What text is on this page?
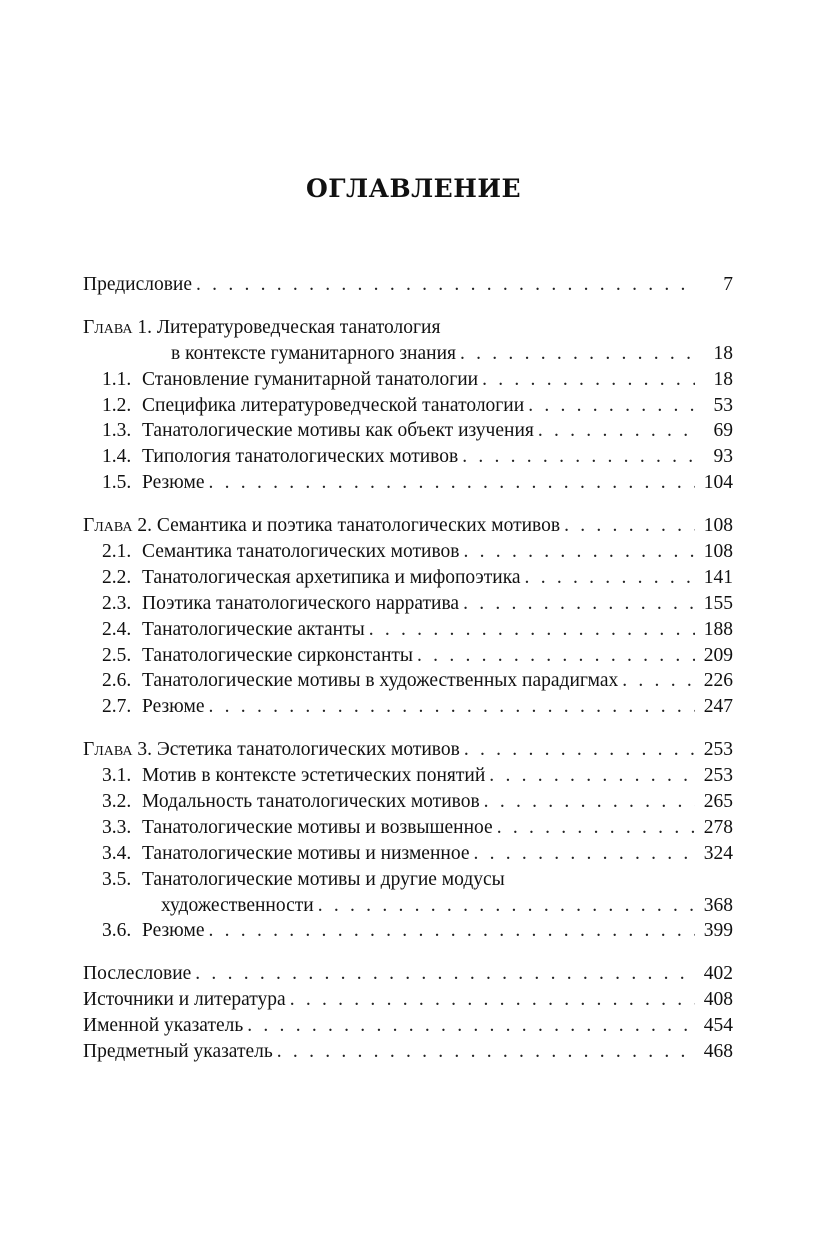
ОГЛАВЛЕНИЕ
Предисловие . . .	7
Глава 1. Литературоведческая танатология
в контексте гуманитарного знания . . .	18
1.1. Становление гуманитарной танатологии . . .	18
1.2. Специфика литературоведческой танатологии . . .	53
1.3. Танатологические мотивы как объект изучения . . .	69
1.4. Типология танатологических мотивов . . .	93
1.5. Резюме . . .	104
Глава 2. Семантика и поэтика танатологических мотивов . . .	108
2.1. Семантика танатологических мотивов . . .	108
2.2. Танатологическая архетипика и мифопоэтика . . .	141
2.3. Поэтика танатологического нарратива . . .	155
2.4. Танатологические актанты . . .	188
2.5. Танатологические сирконстанты . . .	209
2.6. Танатологические мотивы в художественных парадигмах . . .	226
2.7. Резюме . . .	247
Глава 3. Эстетика танатологических мотивов . . .	253
3.1. Мотив в контексте эстетических понятий . . .	253
3.2. Модальность танатологических мотивов . . .	265
3.3. Танатологические мотивы и возвышенное . . .	278
3.4. Танатологические мотивы и низменное . . .	324
3.5. Танатологические мотивы и другие модусы
художественности . . .	368
3.6. Резюме . . .	399
Послесловие . . .	402
Источники и литература . . .	408
Именной указатель . . .	454
Предметный указатель . . .	468
